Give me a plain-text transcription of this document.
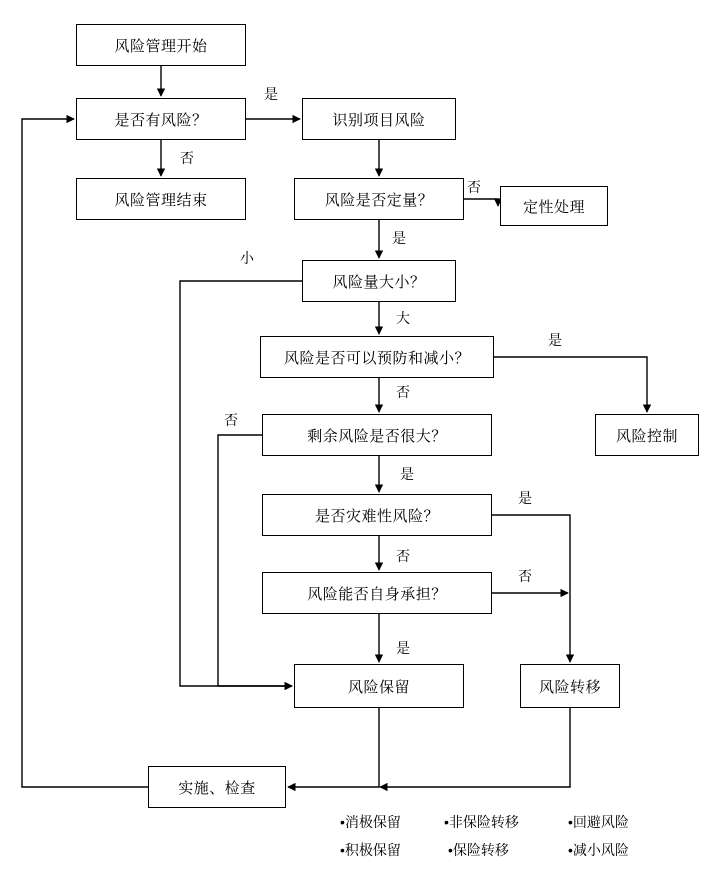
风险管理开始
是否有风险？	识别项目风险
风险管理结束	风险是否定量？	定性处理
风险量大小？
风险是否可以预防和减小？
风险控制
剩余风险是否很大？
是否灾难性风险？
风险能否自身承担？
风险保留	风险转移
实施、检查
是
否
否
是
小
大
是
否
否
是
是
否
否
是
•消极保留	•非保险转移	•回避风险
•积极保留	•保险转移	•减小风险
